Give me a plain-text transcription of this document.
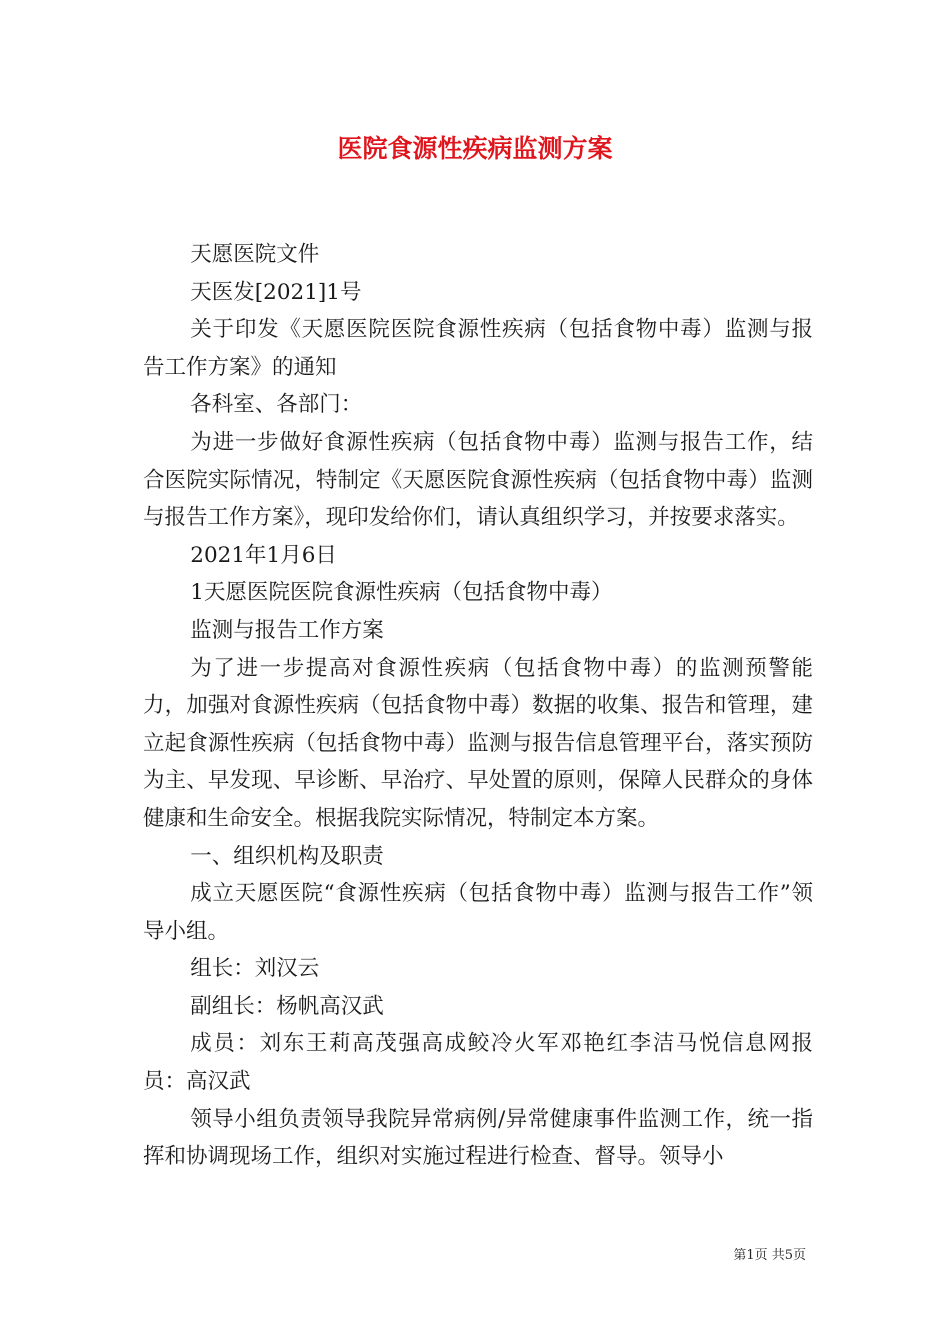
医院食源性疾病监测方案

天愿医院文件

天医发[2021]1号

关于印发《天愿医院医院食源性疾病（包括食物中毒）监测与报告工作方案》的通知

各科室、各部门：

为进一步做好食源性疾病（包括食物中毒）监测与报告工作，结合医院实际情况，特制定《天愿医院食源性疾病（包括食物中毒）监测与报告工作方案》，现印发给你们，请认真组织学习，并按要求落实。

2021年1月6日

1天愿医院医院食源性疾病（包括食物中毒）

监测与报告工作方案

为了进一步提高对食源性疾病（包括食物中毒）的监测预警能力，加强对食源性疾病（包括食物中毒）数据的收集、报告和管理，建立起食源性疾病（包括食物中毒）监测与报告信息管理平台，落实预防为主、早发现、早诊断、早治疗、早处置的原则，保障人民群众的身体健康和生命安全。根据我院实际情况，特制定本方案。

一、组织机构及职责

成立天愿医院“食源性疾病（包括食物中毒）监测与报告工作”领导小组。

组长：刘汉云

副组长：杨帆高汉武

成员：刘东王莉高茂强高成鲛冷火军邓艳红李洁马悦信息网报员：高汉武

领导小组负责领导我院异常病例/异常健康事件监测工作，统一指挥和协调现场工作，组织对实施过程进行检查、督导。领导小

第1页 共5页
